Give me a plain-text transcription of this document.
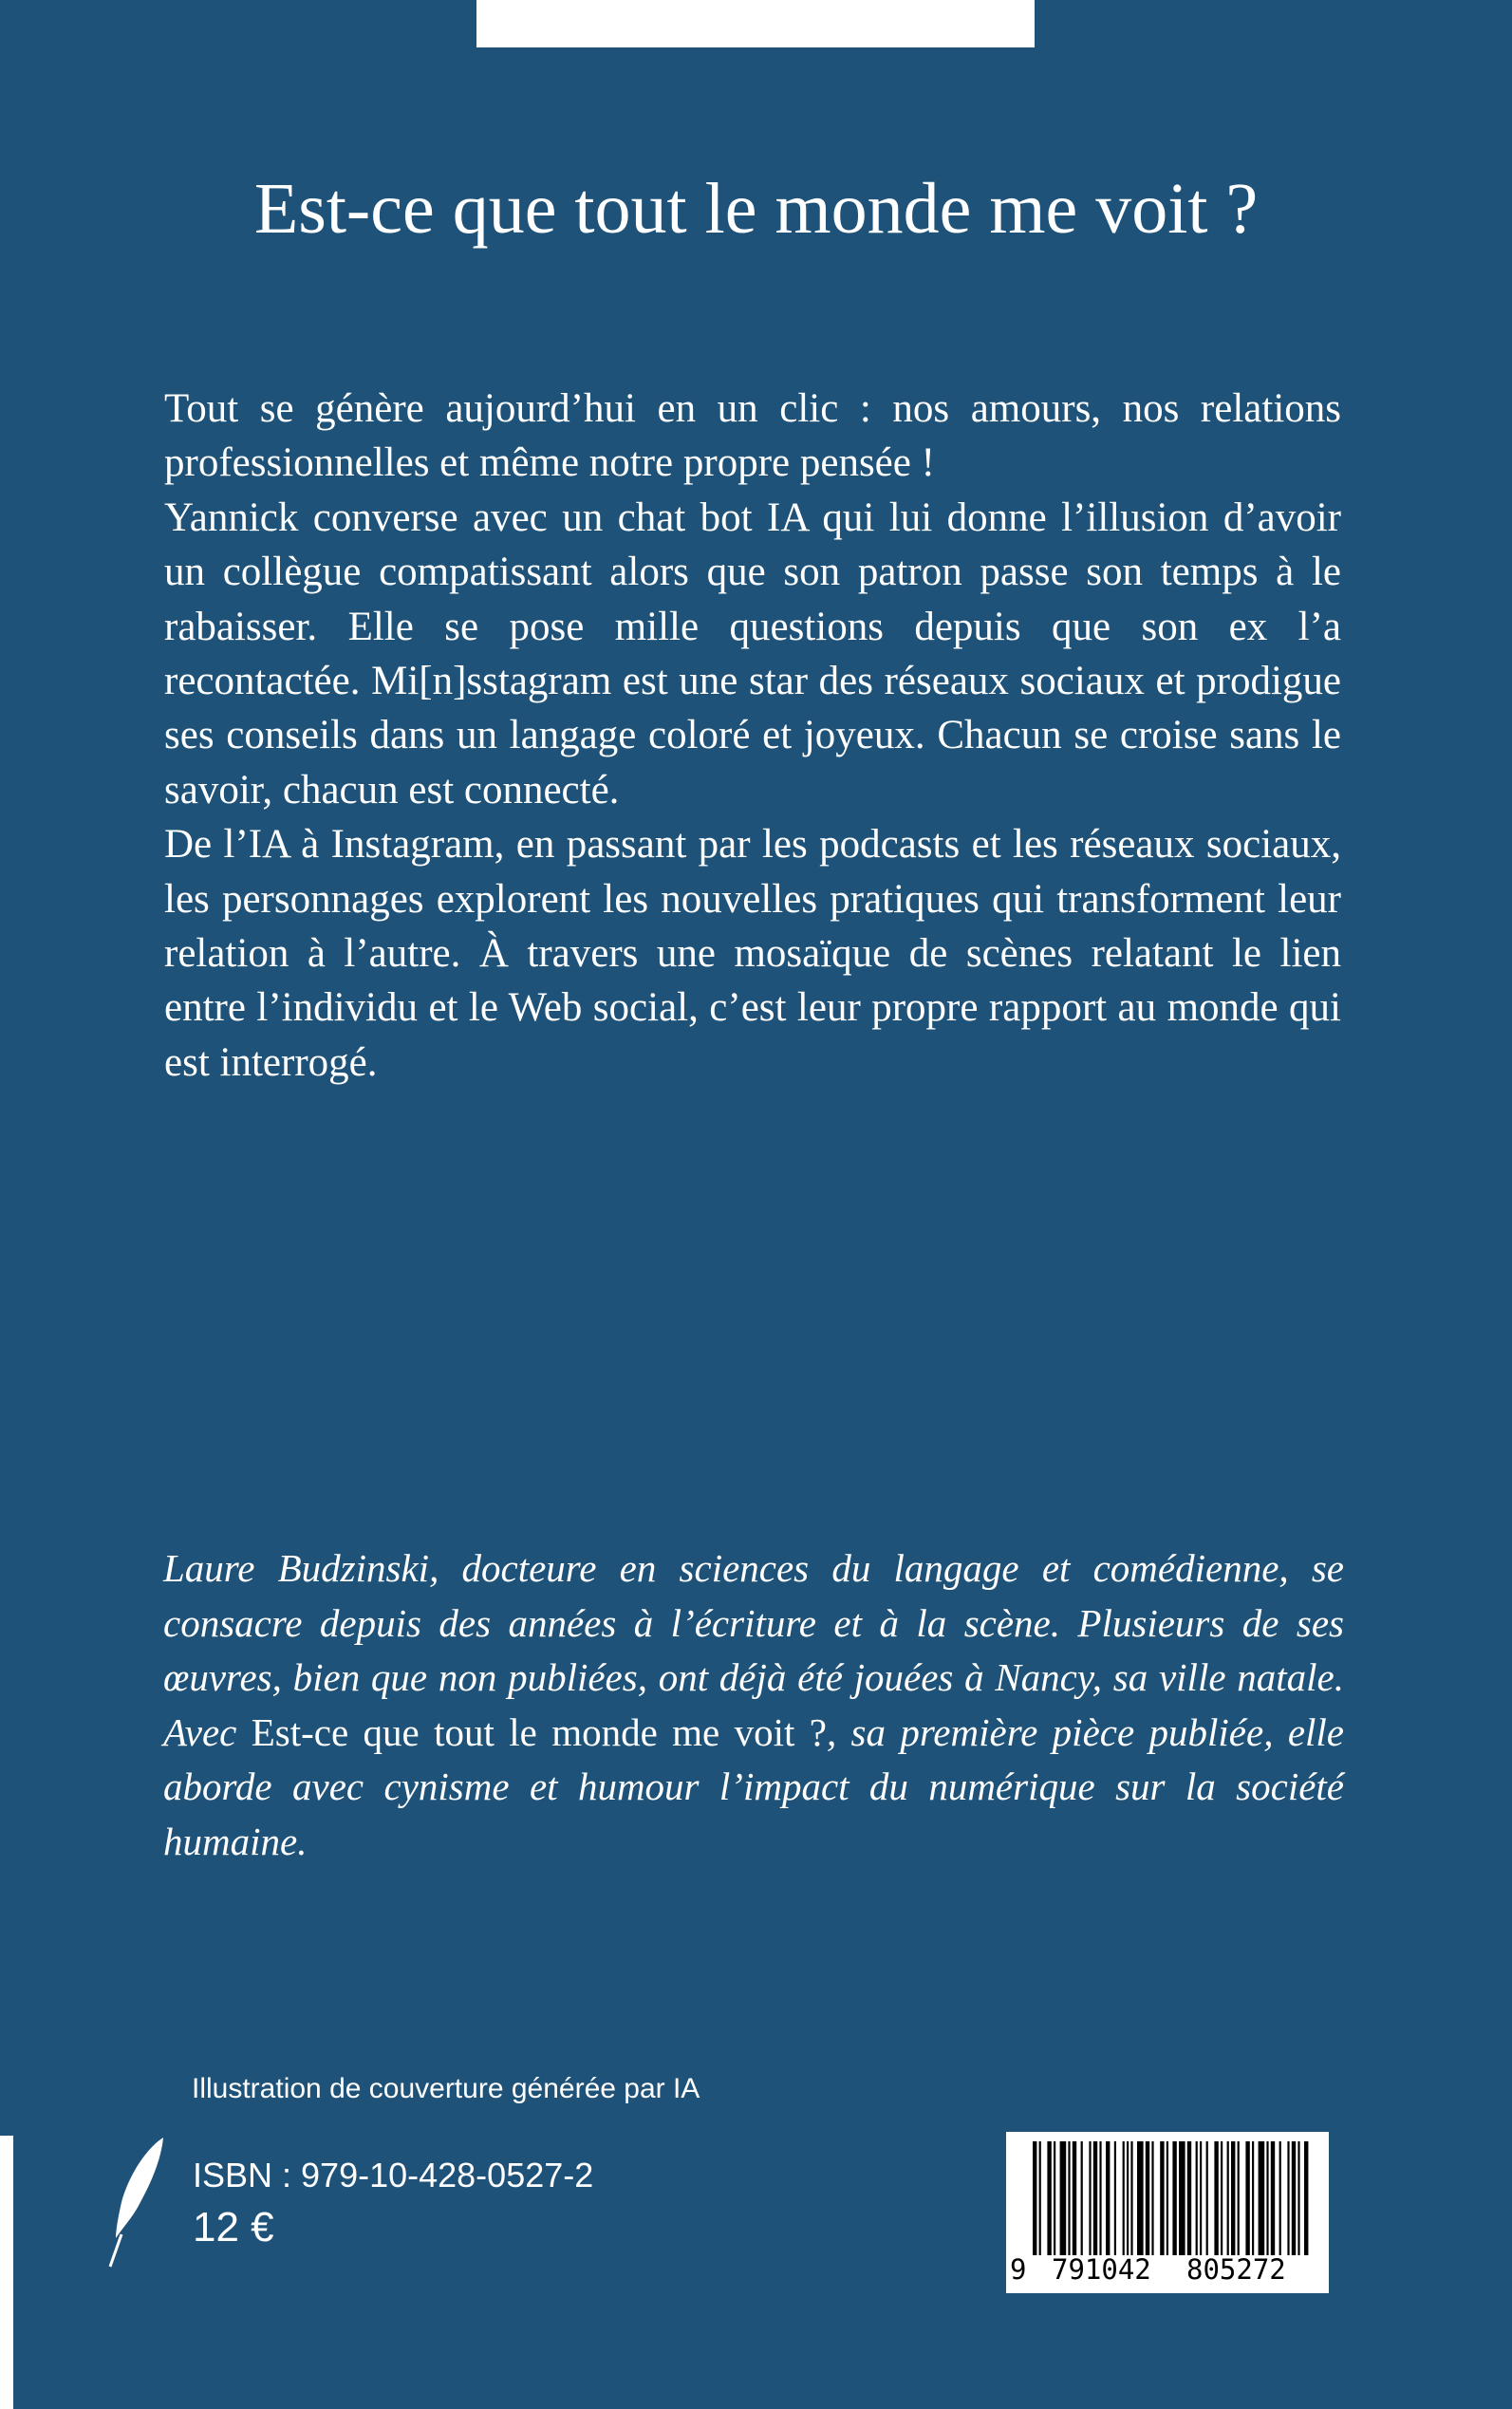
Est-ce que tout le monde me voit ?

Tout se génère aujourd’hui en un clic : nos amours, nos relations professionnelles et même notre propre pensée !

Yannick converse avec un chat bot IA qui lui donne l’illusion d’avoir un collègue compatissant alors que son patron passe son temps à le rabaisser. Elle se pose mille questions depuis que son ex l’a recontactée. Mi[n]sstagram est une star des réseaux sociaux et prodigue ses conseils dans un langage coloré et joyeux. Chacun se croise sans le savoir, chacun est connecté.

De l’IA à Instagram, en passant par les podcasts et les réseaux sociaux, les personnages explorent les nouvelles pratiques qui transforment leur relation à l’autre. À travers une mosaïque de scènes relatant le lien entre l’individu et le Web social, c’est leur propre rapport au monde qui est interrogé.

Laure Budzinski, docteure en sciences du langage et comédienne, se consacre depuis des années à l’écriture et à la scène. Plusieurs de ses œuvres, bien que non publiées, ont déjà été jouées à Nancy, sa ville natale. Avec Est-ce que tout le monde me voit ?, sa première pièce publiée, elle aborde avec cynisme et humour l’impact du numérique sur la société humaine.

Illustration de couverture générée par IA
ISBN : 979-10-428-0527-2
12 €
9 791042 805272
